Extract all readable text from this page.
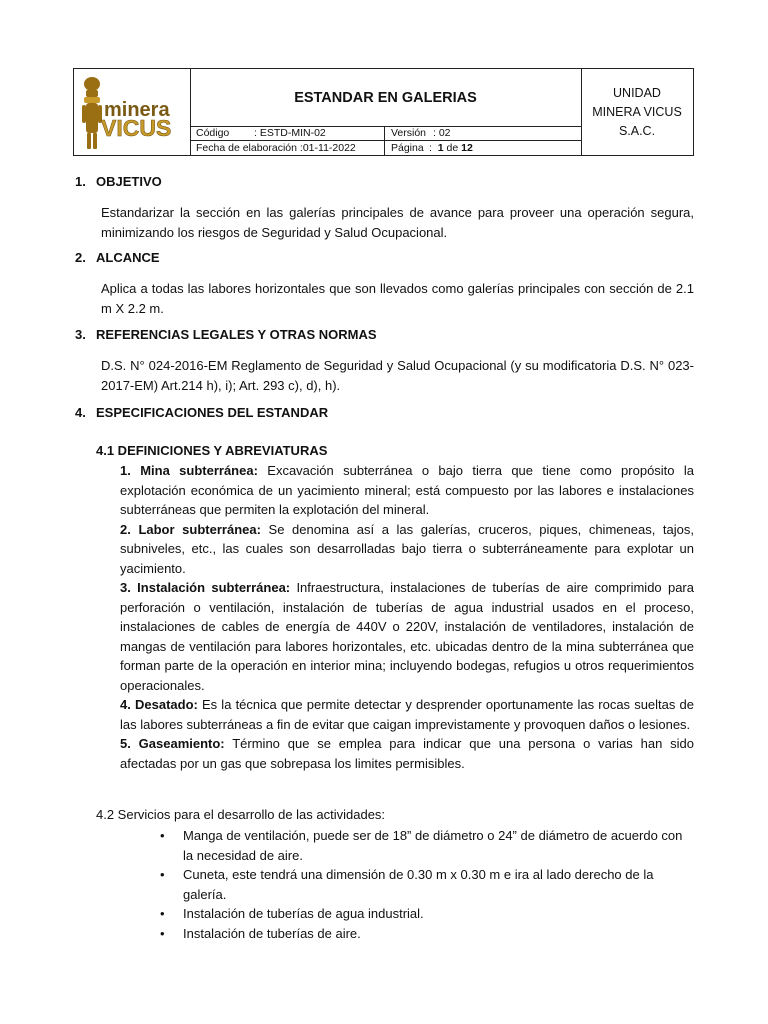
minera
VICUS
ESTANDAR EN GALERIAS
Código : ESTD-MIN-02	Versión : 02
Fecha de elaboración :01-11-2022	Página : 1 de 12
UNIDAD
MINERA VICUS
S.A.C.
1. OBJETIVO
Estandarizar la sección en las galerías principales de avance para proveer una operación segura, minimizando los riesgos de Seguridad y Salud Ocupacional.
2. ALCANCE
Aplica a todas las labores horizontales que son llevados como galerías principales con sección de 2.1 m X 2.2 m.
3. REFERENCIAS LEGALES Y OTRAS NORMAS
D.S. N° 024-2016-EM Reglamento de Seguridad y Salud Ocupacional (y su modificatoria D.S. N° 023-2017-EM) Art.214 h), i); Art. 293 c), d), h).
4. ESPECIFICACIONES DEL ESTANDAR
4.1 DEFINICIONES Y ABREVIATURAS
1. Mina subterránea: Excavación subterránea o bajo tierra que tiene como propósito la explotación económica de un yacimiento mineral; está compuesto por las labores e instalaciones subterráneas que permiten la explotación del mineral.
2. Labor subterránea: Se denomina así a las galerías, cruceros, piques, chimeneas, tajos, subniveles, etc., las cuales son desarrolladas bajo tierra o subterráneamente para explotar un yacimiento.
3. Instalación subterránea: Infraestructura, instalaciones de tuberías de aire comprimido para perforación o ventilación, instalación de tuberías de agua industrial usados en el proceso, instalaciones de cables de energía de 440V o 220V, instalación de ventiladores, instalación de mangas de ventilación para labores horizontales, etc. ubicadas dentro de la mina subterránea que forman parte de la operación en interior mina; incluyendo bodegas, refugios u otros requerimientos operacionales.
4. Desatado: Es la técnica que permite detectar y desprender oportunamente las rocas sueltas de las labores subterráneas a fin de evitar que caigan imprevistamente y provoquen daños o lesiones.
5. Gaseamiento: Término que se emplea para indicar que una persona o varias han sido afectadas por un gas que sobrepasa los limites permisibles.
4.2 Servicios para el desarrollo de las actividades:
• Manga de ventilación, puede ser de 18” de diámetro o 24” de diámetro de acuerdo con la necesidad de aire.
• Cuneta, este tendrá una dimensión de 0.30 m x 0.30 m e ira al lado derecho de la galería.
• Instalación de tuberías de agua industrial.
• Instalación de tuberías de aire.
